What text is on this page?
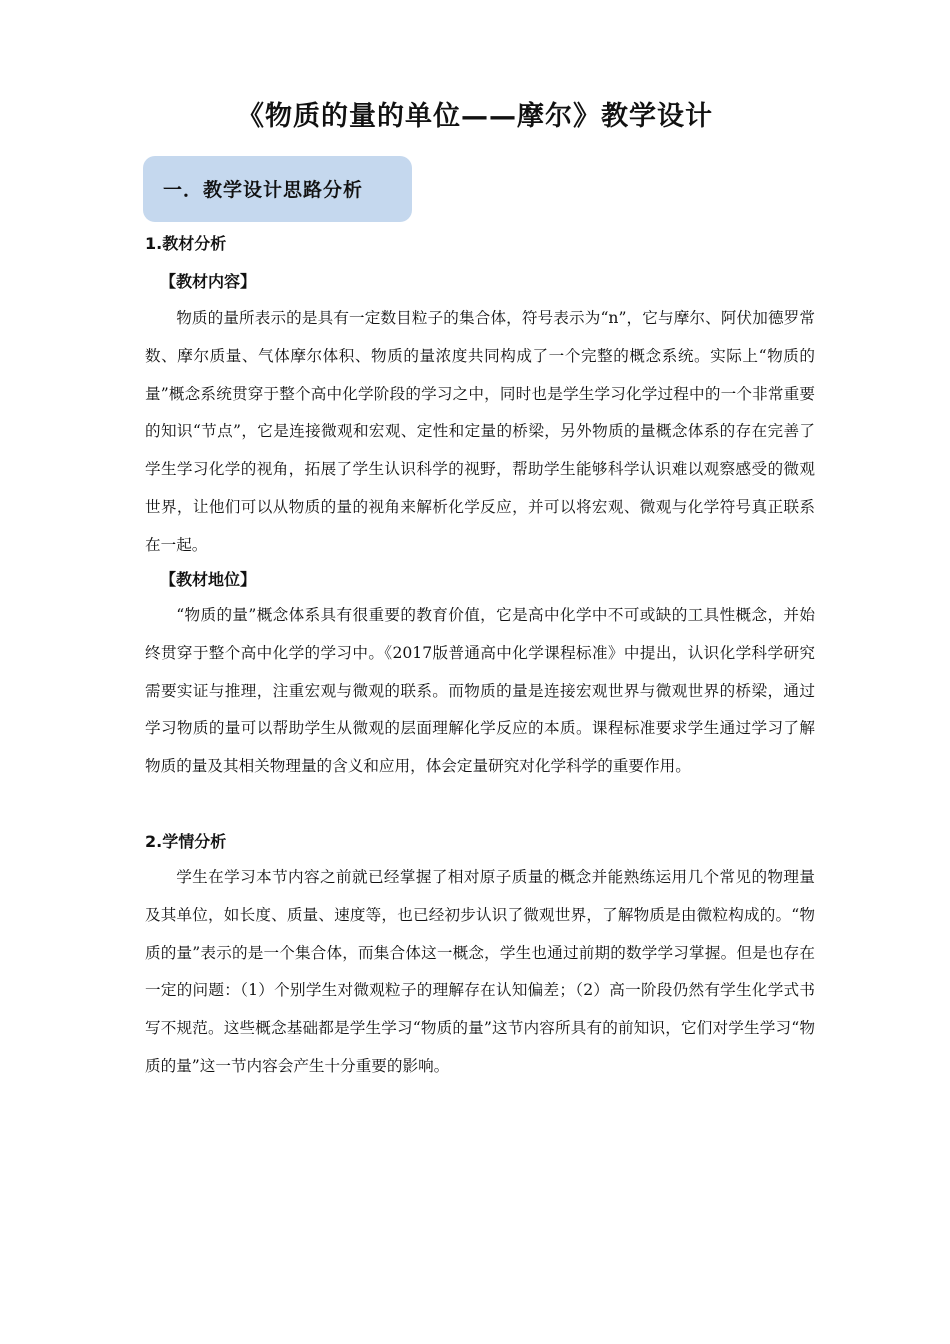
《物质的量的单位——摩尔》教学设计
一．教学设计思路分析
1.教材分析
【教材内容】
物质的量所表示的是具有一定数目粒子的集合体，符号表示为“n”，它与摩尔、阿伏加德罗常数、摩尔质量、气体摩尔体积、物质的量浓度共同构成了一个完整的概念系统。实际上“物质的量”概念系统贯穿于整个高中化学阶段的学习之中，同时也是学生学习化学过程中的一个非常重要的知识“节点”，它是连接微观和宏观、定性和定量的桥梁，另外物质的量概念体系的存在完善了学生学习化学的视角，拓展了学生认识科学的视野，帮助学生能够科学认识难以观察感受的微观世界，让他们可以从物质的量的视角来解析化学反应，并可以将宏观、微观与化学符号真正联系在一起。
【教材地位】
“物质的量”概念体系具有很重要的教育价值，它是高中化学中不可或缺的工具性概念，并始终贯穿于整个高中化学的学习中。《2017版普通高中化学课程标准》中提出，认识化学科学研究需要实证与推理，注重宏观与微观的联系。而物质的量是连接宏观世界与微观世界的桥梁，通过学习物质的量可以帮助学生从微观的层面理解化学反应的本质。课程标准要求学生通过学习了解物质的量及其相关物理量的含义和应用，体会定量研究对化学科学的重要作用。
2.学情分析
学生在学习本节内容之前就已经掌握了相对原子质量的概念并能熟练运用几个常见的物理量及其单位，如长度、质量、速度等，也已经初步认识了微观世界，了解物质是由微粒构成的。“物质的量”表示的是一个集合体，而集合体这一概念，学生也通过前期的数学学习掌握。但是也存在一定的问题：（1）个别学生对微观粒子的理解存在认知偏差；（2）高一阶段仍然有学生化学式书写不规范。这些概念基础都是学生学习“物质的量”这节内容所具有的前知识，它们对学生学习“物质的量”这一节内容会产生十分重要的影响。
